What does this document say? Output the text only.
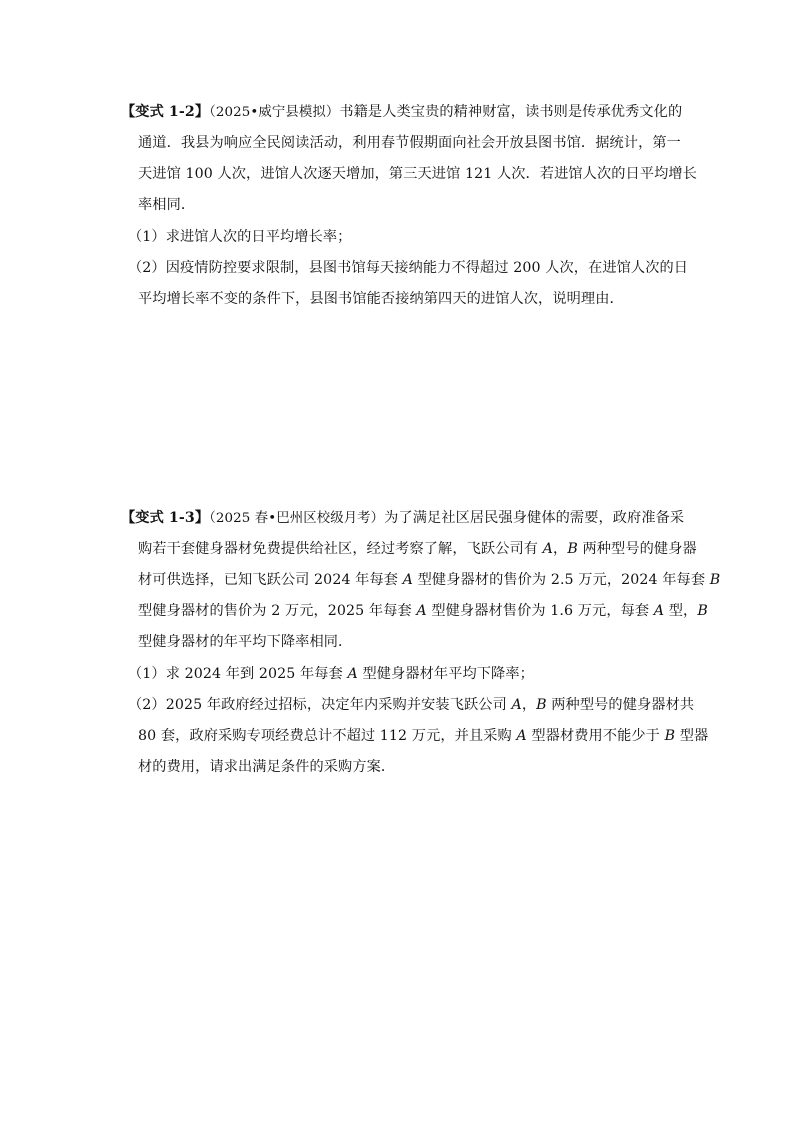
【变式 1-2】（2025•威宁县模拟）书籍是人类宝贵的精神财富，读书则是传承优秀文化的
通道．我县为响应全民阅读活动，利用春节假期面向社会开放县图书馆．据统计，第一
天进馆 100 人次，进馆人次逐天增加，第三天进馆 121 人次．若进馆人次的日平均增长
率相同．
（1）求进馆人次的日平均增长率；
（2）因疫情防控要求限制，县图书馆每天接纳能力不得超过 200 人次，在进馆人次的日
平均增长率不变的条件下，县图书馆能否接纳第四天的进馆人次，说明理由．
【变式 1-3】（2025 春•巴州区校级月考）为了满足社区居民强身健体的需要，政府准备采
购若干套健身器材免费提供给社区，经过考察了解，飞跃公司有 A，B 两种型号的健身器
材可供选择，已知飞跃公司 2024 年每套 A 型健身器材的售价为 2.5 万元，2024 年每套 B
型健身器材的售价为 2 万元，2025 年每套 A 型健身器材售价为 1.6 万元，每套 A 型，B
型健身器材的年平均下降率相同．
（1）求 2024 年到 2025 年每套 A 型健身器材年平均下降率；
（2）2025 年政府经过招标，决定年内采购并安装飞跃公司 A，B 两种型号的健身器材共
80 套，政府采购专项经费总计不超过 112 万元，并且采购 A 型器材费用不能少于 B 型器
材的费用，请求出满足条件的采购方案．
